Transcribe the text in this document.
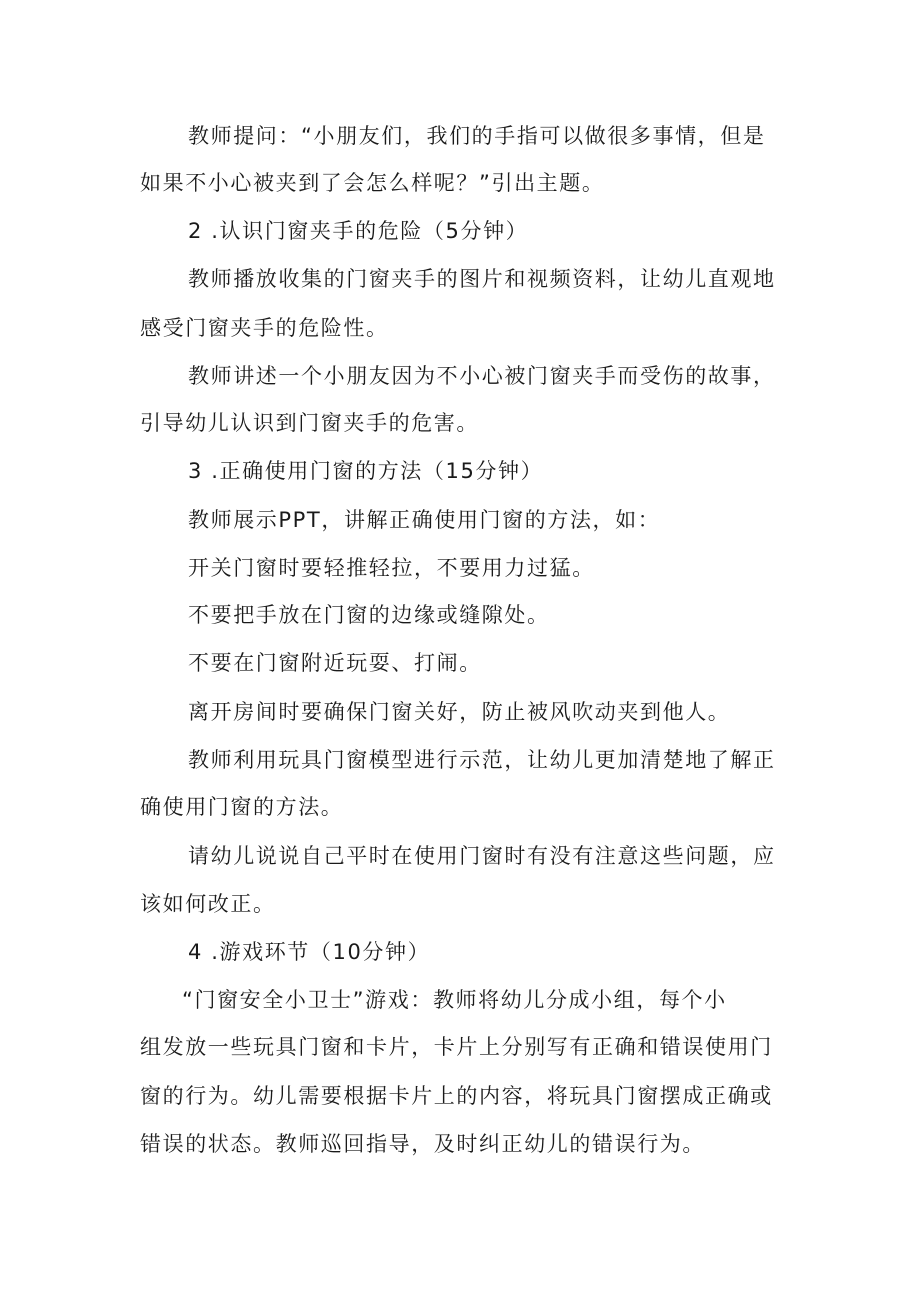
教师提问：“小朋友们，我们的手指可以做很多事情，但是
如果不小心被夹到了会怎么样呢？”引出主题。
2 .认识门窗夹手的危险（5分钟）
教师播放收集的门窗夹手的图片和视频资料，让幼儿直观地
感受门窗夹手的危险性。
教师讲述一个小朋友因为不小心被门窗夹手而受伤的故事，
引导幼儿认识到门窗夹手的危害。
3 .正确使用门窗的方法（15分钟）
教师展示PPT，讲解正确使用门窗的方法，如：
开关门窗时要轻推轻拉，不要用力过猛。
不要把手放在门窗的边缘或缝隙处。
不要在门窗附近玩耍、打闹。
离开房间时要确保门窗关好，防止被风吹动夹到他人。
教师利用玩具门窗模型进行示范，让幼儿更加清楚地了解正
确使用门窗的方法。
请幼儿说说自己平时在使用门窗时有没有注意这些问题，应
该如何改正。
4 .游戏环节（10分钟）
“门窗安全小卫士”游戏：教师将幼儿分成小组，每个小
组发放一些玩具门窗和卡片，卡片上分别写有正确和错误使用门
窗的行为。幼儿需要根据卡片上的内容，将玩具门窗摆成正确或
错误的状态。教师巡回指导，及时纠正幼儿的错误行为。
